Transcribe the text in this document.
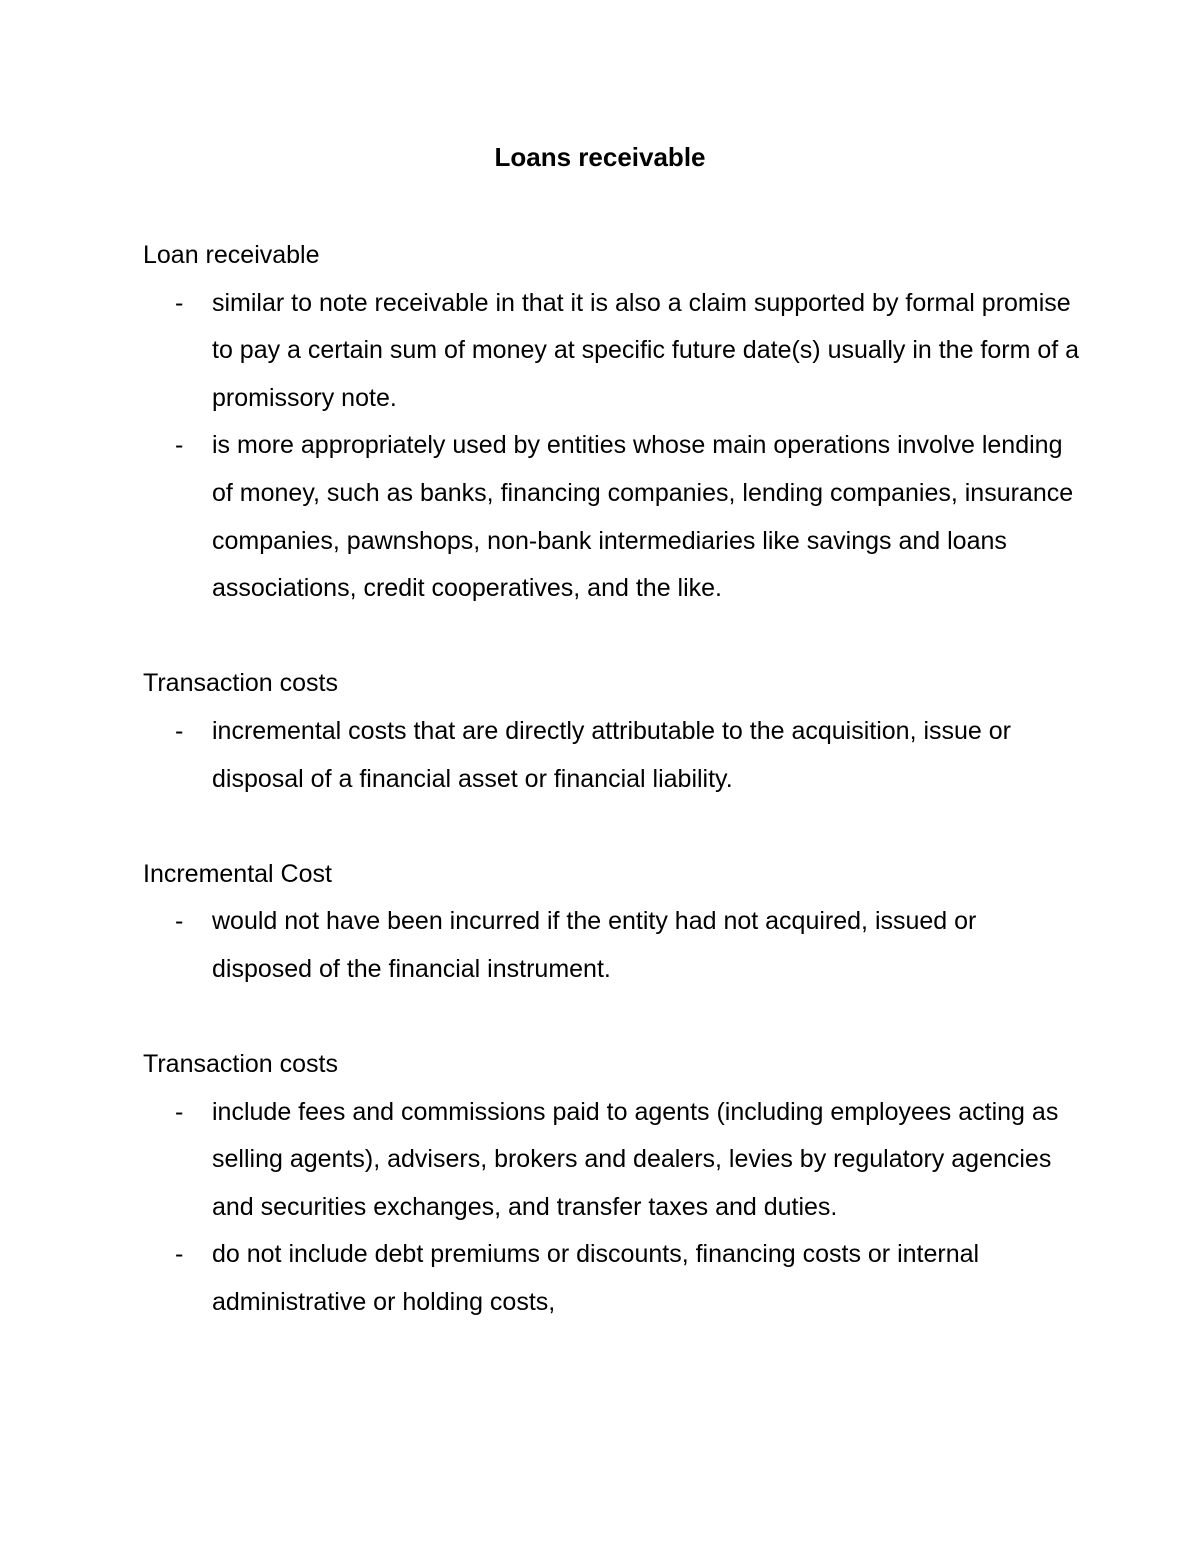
Loans receivable
Loan receivable
- similar to note receivable in that it is also a claim supported by formal promise to pay a certain sum of money at specific future date(s) usually in the form of a promissory note.
- is more appropriately used by entities whose main operations involve lending of money, such as banks, financing companies, lending companies, insurance companies, pawnshops, non-bank intermediaries like savings and loans associations, credit cooperatives, and the like.
Transaction costs
- incremental costs that are directly attributable to the acquisition, issue or disposal of a financial asset or financial liability.
Incremental Cost
- would not have been incurred if the entity had not acquired, issued or disposed of the financial instrument.
Transaction costs
- include fees and commissions paid to agents (including employees acting as selling agents), advisers, brokers and dealers, levies by regulatory agencies and securities exchanges, and transfer taxes and duties.
- do not include debt premiums or discounts, financing costs or internal administrative or holding costs,
